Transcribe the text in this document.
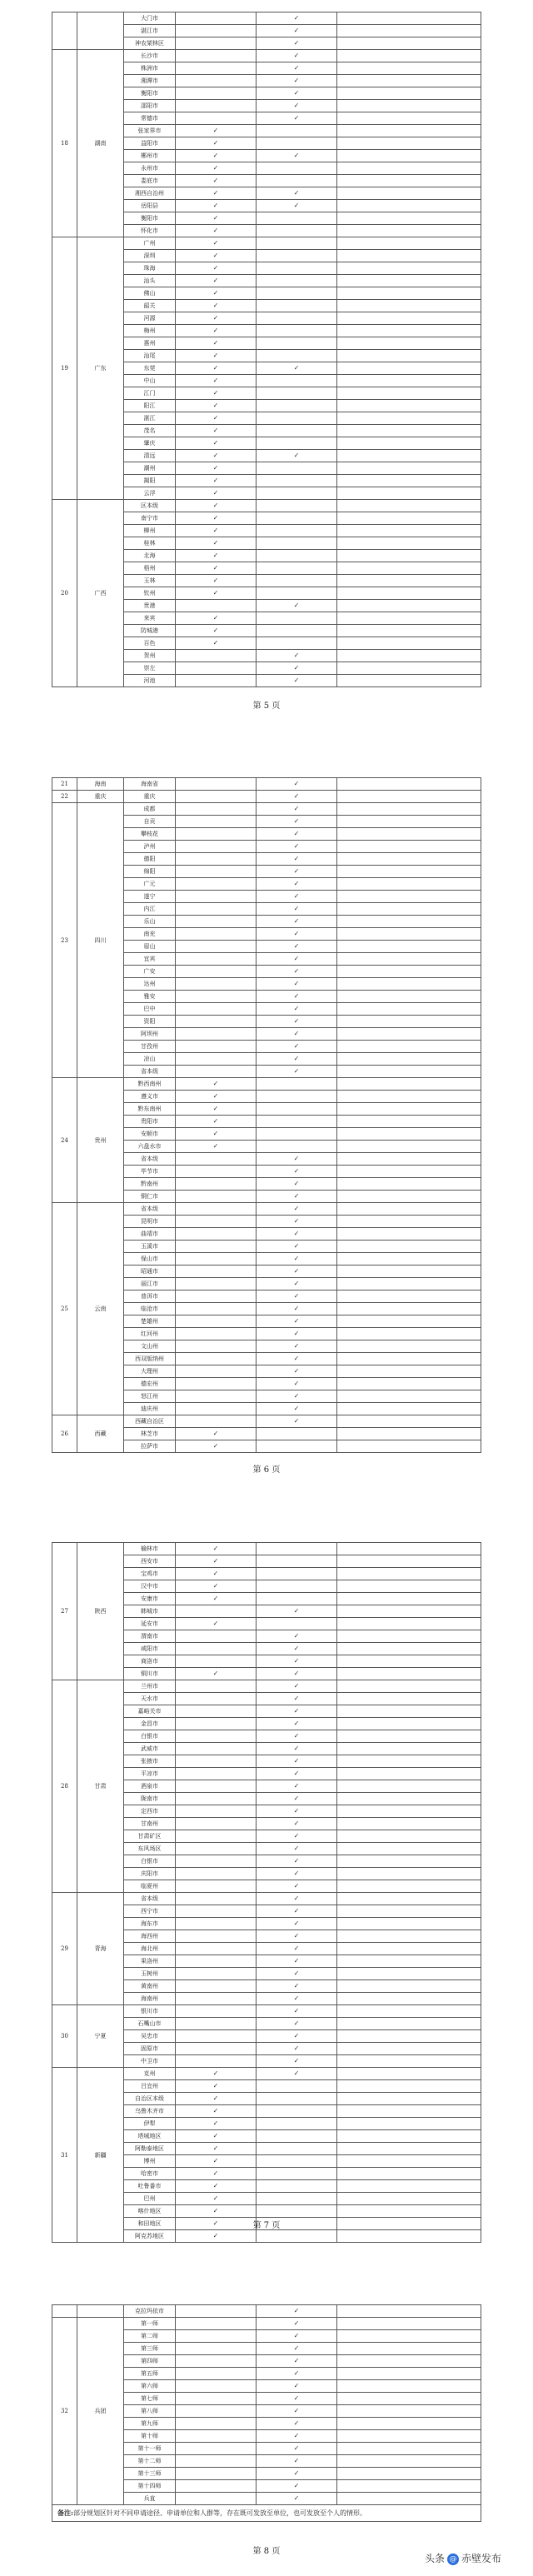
		大门市		✓	
		湛江市		✓	
		神农架林区		✓	
18	湖南	长沙市		✓	
		株洲市		✓	
		湘潭市		✓	
		衡阳市		✓	
		邵阳市		✓	
		常德市		✓	
		张家界市	✓		
		益阳市	✓		
		郴州市	✓	✓	
		永州市	✓		
		娄底市	✓		
		湘西自治州	✓	✓	
		岳阳县	✓	✓	
		衡阳市	✓		
		怀化市	✓		
19	广东	广州	✓		
		深圳	✓		
		珠海	✓		
		汕头	✓		
		佛山	✓		
		韶关	✓		
		河源	✓		
		梅州	✓		
		惠州	✓		
		汕尾	✓		
		东莞	✓	✓	
		中山	✓		
		江门	✓		
		阳江	✓		
		湛江	✓		
		茂名	✓		
		肇庆	✓		
		清远	✓	✓	
		潮州	✓		
		揭阳	✓		
		云浮	✓		
20	广西	区本级	✓		
		南宁市	✓		
		柳州	✓		
		桂林	✓		
		北海	✓		
		梧州	✓		
		玉林	✓		
		钦州	✓		
		贵港		✓	
		来宾	✓		
		防城港	✓		
		百色	✓		
		贺州		✓	
		崇左		✓	
		河池		✓	
第 5 页
21	海南	海南省		✓	
22	重庆	重庆		✓	
23	四川	成都		✓	
		自贡		✓	
		攀枝花		✓	
		泸州		✓	
		德阳		✓	
		绵阳		✓	
		广元		✓	
		遂宁		✓	
		内江		✓	
		乐山		✓	
		南充		✓	
		眉山		✓	
		宜宾		✓	
		广安		✓	
		达州		✓	
		雅安		✓	
		巴中		✓	
		资阳		✓	
		阿坝州		✓	
		甘孜州		✓	
		凉山		✓	
		省本级		✓	
24	贵州	黔西南州	✓		
		遵义市	✓		
		黔东南州	✓		
		贵阳市	✓		
		安顺市	✓		
		六盘水市	✓		
		省本级		✓	
		毕节市		✓	
		黔南州		✓	
		铜仁市		✓	
25	云南	省本级		✓	
		昆明市		✓	
		曲靖市		✓	
		玉溪市		✓	
		保山市		✓	
		昭通市		✓	
		丽江市		✓	
		普洱市		✓	
		临沧市		✓	
		楚雄州		✓	
		红河州		✓	
		文山州		✓	
		西双版纳州		✓	
		大理州		✓	
		德宏州		✓	
		怒江州		✓	
		迪庆州		✓	
26	西藏	西藏自治区		✓	
		林芝市	✓		
		拉萨市	✓		
第 6 页
27	陕西	榆林市	✓		
		西安市	✓		
		宝鸡市	✓		
		汉中市	✓		
		安康市	✓		
		韩城市		✓	
		延安市	✓		
		渭南市		✓	
		咸阳市		✓	
		商洛市		✓	
		铜川市	✓	✓	
28	甘肃	兰州市		✓	
		天水市		✓	
		嘉峪关市		✓	
		金昌市		✓	
		白银市		✓	
		武威市		✓	
		张掖市		✓	
		平凉市		✓	
		酒泉市		✓	
		陇南市		✓	
		定西市		✓	
		甘南州		✓	
		甘肃矿区		✓	
		东风场区		✓	
		白银市		✓	
		庆阳市		✓	
		临夏州		✓	
29	青海	省本级		✓	
		西宁市		✓	
		海东市		✓	
		海西州		✓	
		海北州		✓	
		果洛州		✓	
		玉树州		✓	
		黄南州		✓	
		海南州		✓	
30	宁夏	银川市		✓	
		石嘴山市		✓	
		吴忠市		✓	
		固原市		✓	
		中卫市		✓	
31	新疆	克州	✓	✓	
		吕宜州	✓		
		自治区本级	✓		
		乌鲁木齐市	✓		
		伊犁	✓		
		塔城地区	✓		
		阿勒泰地区	✓		
		博州	✓		
		哈密市	✓		
		吐鲁番市	✓		
		巴州	✓		
		喀什地区	✓		
		和田地区	✓		
		阿克苏地区	✓		
第 7 页
		克拉玛依市		✓	
32	兵团	第一师		✓	
		第二师		✓	
		第三师		✓	
		第四师		✓	
		第五师		✓	
		第六师		✓	
		第七师		✓	
		第八师		✓	
		第九师		✓	
		第十师		✓	
		第十一师		✓	
		第十二师		✓	
		第十三师		✓	
		第十四师		✓	
		兵直		✓	
备注:部分规划区针对不同申请途径、申请单位和人群等，存在既可发放至单位，也可发放至个人的情形。					
第 8 页
头条 @ 赤壁发布
